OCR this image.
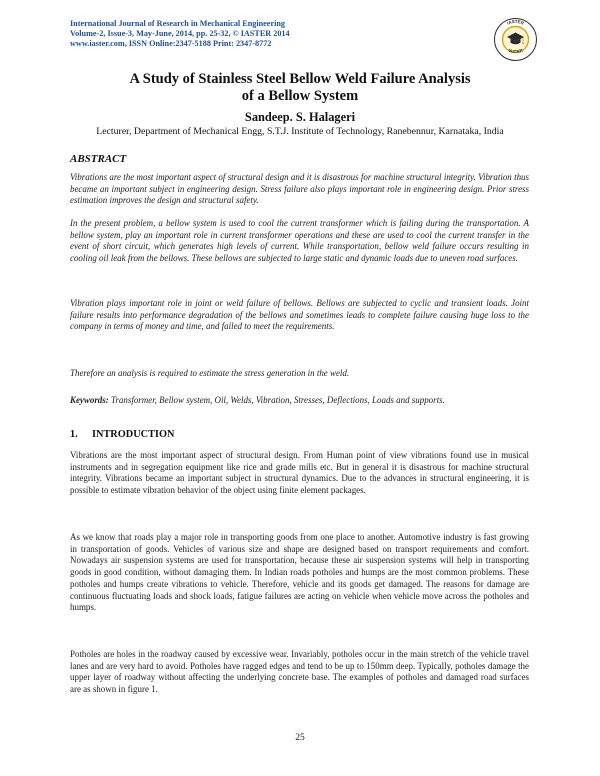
International Journal of Research in Mechanical Engineering
Volume-2, Issue-3, May-June, 2014, pp. 25-32, © IASTER 2014
www.iaster.com, ISSN Online:2347-5188 Print: 2347-8772
IASTER
IASTER
A Study of Stainless Steel Bellow Weld Failure Analysis
of a Bellow System
Sandeep. S. Halageri
Lecturer, Department of Mechanical Engg, S.T.J. Institute of Technology, Ranebennur, Karnataka, India
ABSTRACT
Vibrations are the most important aspect of structural design and it is disastrous for machine structural integrity. Vibration thus became an important subject in engineering design. Stress failure also plays important role in engineering design. Prior stress estimation improves the design and structural safety.
In the present problem, a bellow system is used to cool the current transformer which is failing during the transportation. A bellow system, play an important role in current transformer operations and these are used to cool the current transfer in the event of short circuit, which generates high levels of current. While transportation, bellow weld failure occurs resulting in cooling oil leak from the bellows. These bellows are subjected to large static and dynamic loads due to uneven road surfaces.
Vibration plays important role in joint or weld failure of bellows. Bellows are subjected to cyclic and transient loads. Joint failure results into performance degradation of the bellows and sometimes leads to complete failure causing huge loss to the company in terms of money and time, and failed to meet the requirements.
Therefore an analysis is required to estimate the stress generation in the weld.
Keywords: Transformer, Bellow system, Oil, Welds, Vibration, Stresses, Deflections, Loads and supports.
1. INTRODUCTION
Vibrations are the most important aspect of structural design. From Human point of view vibrations found use in musical instruments and in segregation equipment like rice and grade mills etc. But in general it is disastrous for machine structural integrity. Vibrations became an important subject in structural dynamics. Due to the advances in structural engineering, it is possible to estimate vibration behavior of the object using finite element packages.
As we know that roads play a major role in transporting goods from one place to another. Automotive industry is fast growing in transportation of goods. Vehicles of various size and shape are designed based on transport requirements and comfort. Nowadays air suspension systems are used for transportation, because these air suspension systems will help in transporting goods in good condition, without damaging them. In Indian roads potholes and humps are the most common problems. These potholes and humps create vibrations to vehicle. Therefore, vehicle and its goods get damaged. The reasons for damage are continuous fluctuating loads and shock loads, fatigue failures are acting on vehicle when vehicle move across the potholes and humps.
Potholes are holes in the roadway caused by excessive wear. Invariably, potholes occur in the main stretch of the vehicle travel lanes and are very hard to avoid. Potholes have ragged edges and tend to be up to 150mm deep. Typically, potholes damage the upper layer of roadway without affecting the underlying concrete base. The examples of potholes and damaged road surfaces are as shown in figure 1.
25
